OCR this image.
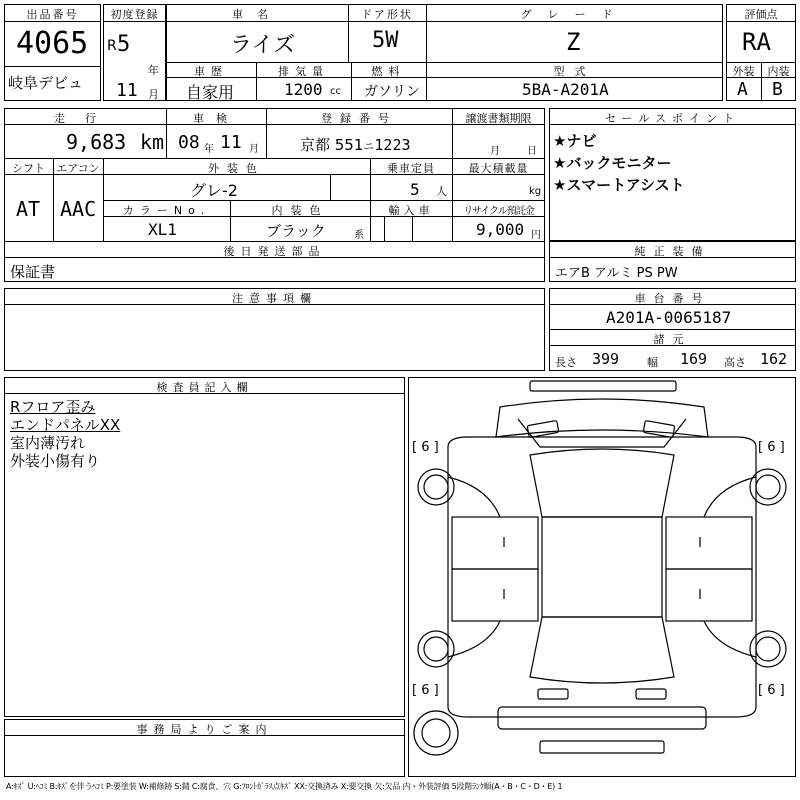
出品番号
4065
岐阜デビュ
初度登録
R 5
年
11 月
車名	ドア形状	グレード
ライズ	5W	Z
車歴	排気量	燃料	型式
自家用	1200 cc ガソリン	5BA-A201A
評価点
RA
外装	内装
A B
走行	車検	登録番号	譲渡書類期限
9,683 km 08 年 11 月	京都 551ニ1223	月	日
シフト	エアコン	外装色	乗車定員	最大積載量
AT AAC
グレ-2	5 人	kg
カラーNo.	内装色	輸入車	リサイクル預託金
XL1	ブラック	系	9,000 円
後日発送部品
保証書
セールスポイント
★ナビ
★バックモニター
★スマートアシスト
純正装備
エアB アルミ PS PW
注意事項欄	車台番号
A201A-0065187
諸元
長さ 399	幅 169 高さ 162
検査員記入欄
Rフロア歪み
エンドパネルXX
室内薄汚れ
外装小傷有り
事務局よりご案内
[ 6 ]	[ 6 ]
[ 6 ]	[ 6 ]
A:ｷｽﾞ U:ﾍｺﾐ B:ｷｽﾞを伴うﾍｺﾐ P:要塗装 W:補修跡 S:錆 C:腐食、穴 G:ﾌﾛﾝﾄｶﾞﾗｽ点ｷｽﾞ XX:交換済み X:要交換 欠:欠品 内・外装評価 5段階ﾗﾝｸ順(A・B・C・D・E) 1
